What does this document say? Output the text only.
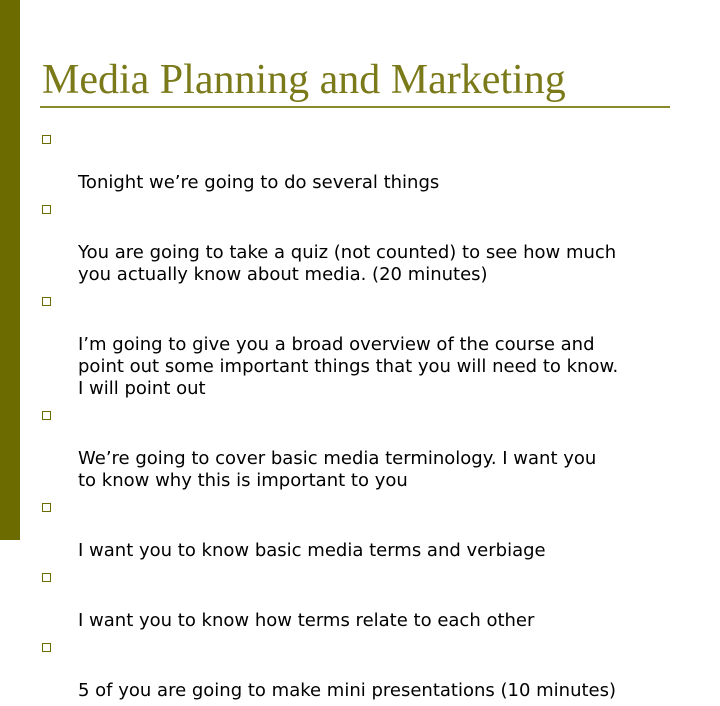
Media Planning and Marketing

Tonight we’re going to do several things

You are going to take a quiz (not counted) to see how much
you actually know about media. (20 minutes)

I’m going to give you a broad overview of the course and
point out some important things that you will need to know.
I will point out

We’re going to cover basic media terminology. I want you
to know why this is important to you

I want you to know basic media terms and verbiage

I want you to know how terms relate to each other

5 of you are going to make mini presentations (10 minutes)
